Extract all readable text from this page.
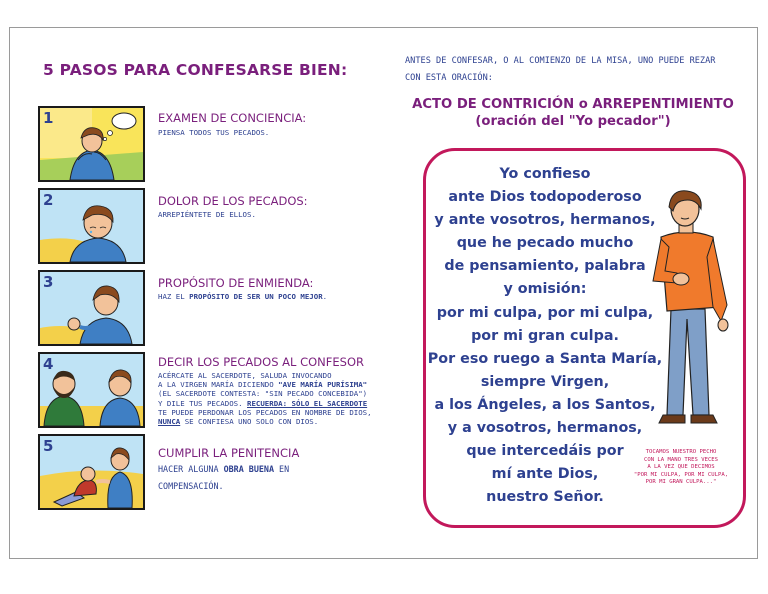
5 PASOS PARA CONFESARSE BIEN:
1	EXAMEN DE CONCIENCIA:
PIENSA TODOS TUS PECADOS.
2	DOLOR DE LOS PECADOS:
ARREPIÉNTETE DE ELLOS.
3	PROPÓSITO DE ENMIENDA:
HAZ EL PROPÓSITO DE SER UN POCO MEJOR.
4	DECIR LOS PECADOS AL CONFESOR
ACÉRCATE AL SACERDOTE, SALUDA INVOCANDO
A LA VIRGEN MARÍA DICIENDO "AVE MARÍA PURÍSIMA"
(EL SACERDOTE CONTESTA: "SIN PECADO CONCEBIDA")
Y DILE TUS PECADOS. RECUERDA: SÓLO EL SACERDOTE
TE PUEDE PERDONAR LOS PECADOS EN NOMBRE DE DIOS,
NUNCA SE CONFIESA UNO SOLO CON DIOS.
5	CUMPLIR LA PENITENCIA
HACER ALGUNA OBRA BUENA EN
COMPENSACIÓN.
ANTES DE CONFESAR, O AL COMIENZO DE LA MISA, UNO PUEDE REZAR
CON ESTA ORACIÓN:
ACTO DE CONTRICIÓN o ARREPENTIMIENTO
(oración del "Yo pecador")
Yo confieso
ante Dios todopoderoso
y ante vosotros, hermanos,
que he pecado mucho
de pensamiento, palabra
y omisión:
por mi culpa, por mi culpa,
por mi gran culpa.
Por eso ruego a Santa María,
siempre Virgen,
a los Ángeles, a los Santos,
y a vosotros, hermanos,
que intercedáis por
mí ante Dios,
nuestro Señor.
TOCAMOS NUESTRO PECHO
CON LA MANO TRES VECES
A LA VEZ QUE DECIMOS
"POR MI CULPA, POR MI CULPA,
POR MI GRAN CULPA..."
